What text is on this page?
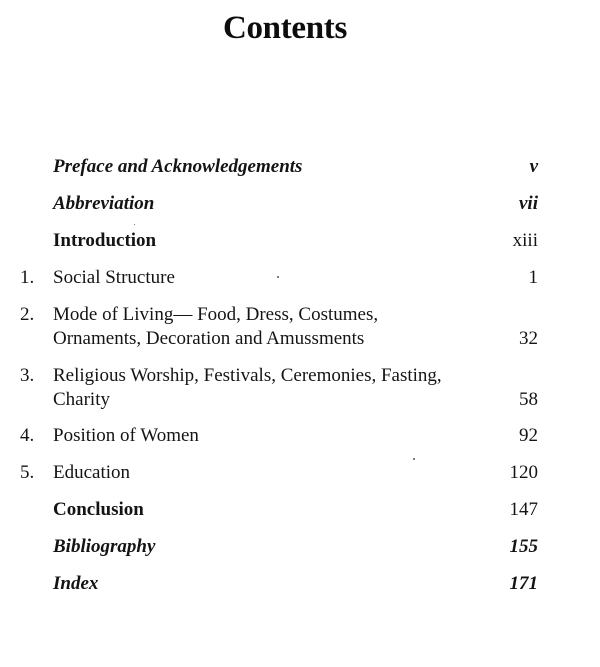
Contents
Preface and Acknowledgements	v
Abbreviation	vii
Introduction	xiii
1. Social Structure	1
2. Mode of Living— Food, Dress, Costumes,
Ornaments, Decoration and Amussments	32
3. Religious Worship, Festivals, Ceremonies, Fasting,
Charity	58
4. Position of Women	92
5. Education	120
Conclusion	147
Bibliography	155
Index	171
